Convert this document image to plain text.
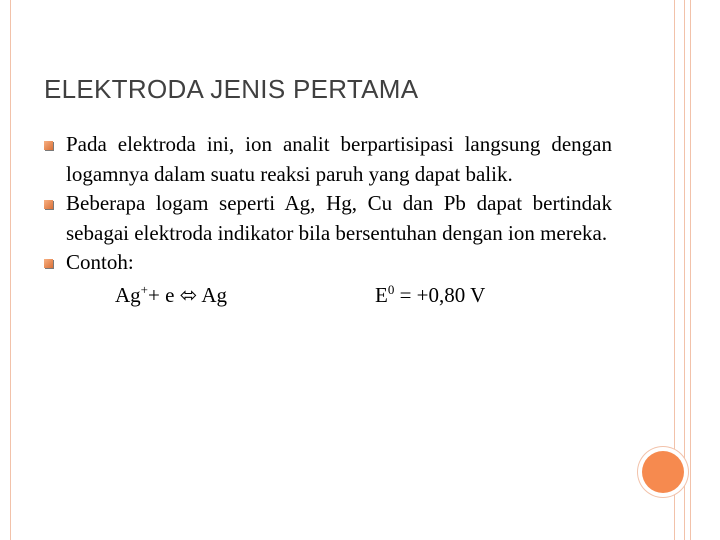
ELEKTRODA JENIS PERTAMA
Pada elektroda ini, ion analit berpartisipasi langsung dengan logamnya dalam suatu reaksi paruh yang dapat balik.
Beberapa logam seperti Ag, Hg, Cu dan Pb dapat bertindak sebagai elektroda indikator bila bersentuhan dengan ion mereka.
Contoh:
Ag++ e ⬄ Ag	$E^0 = +0,80$ V
